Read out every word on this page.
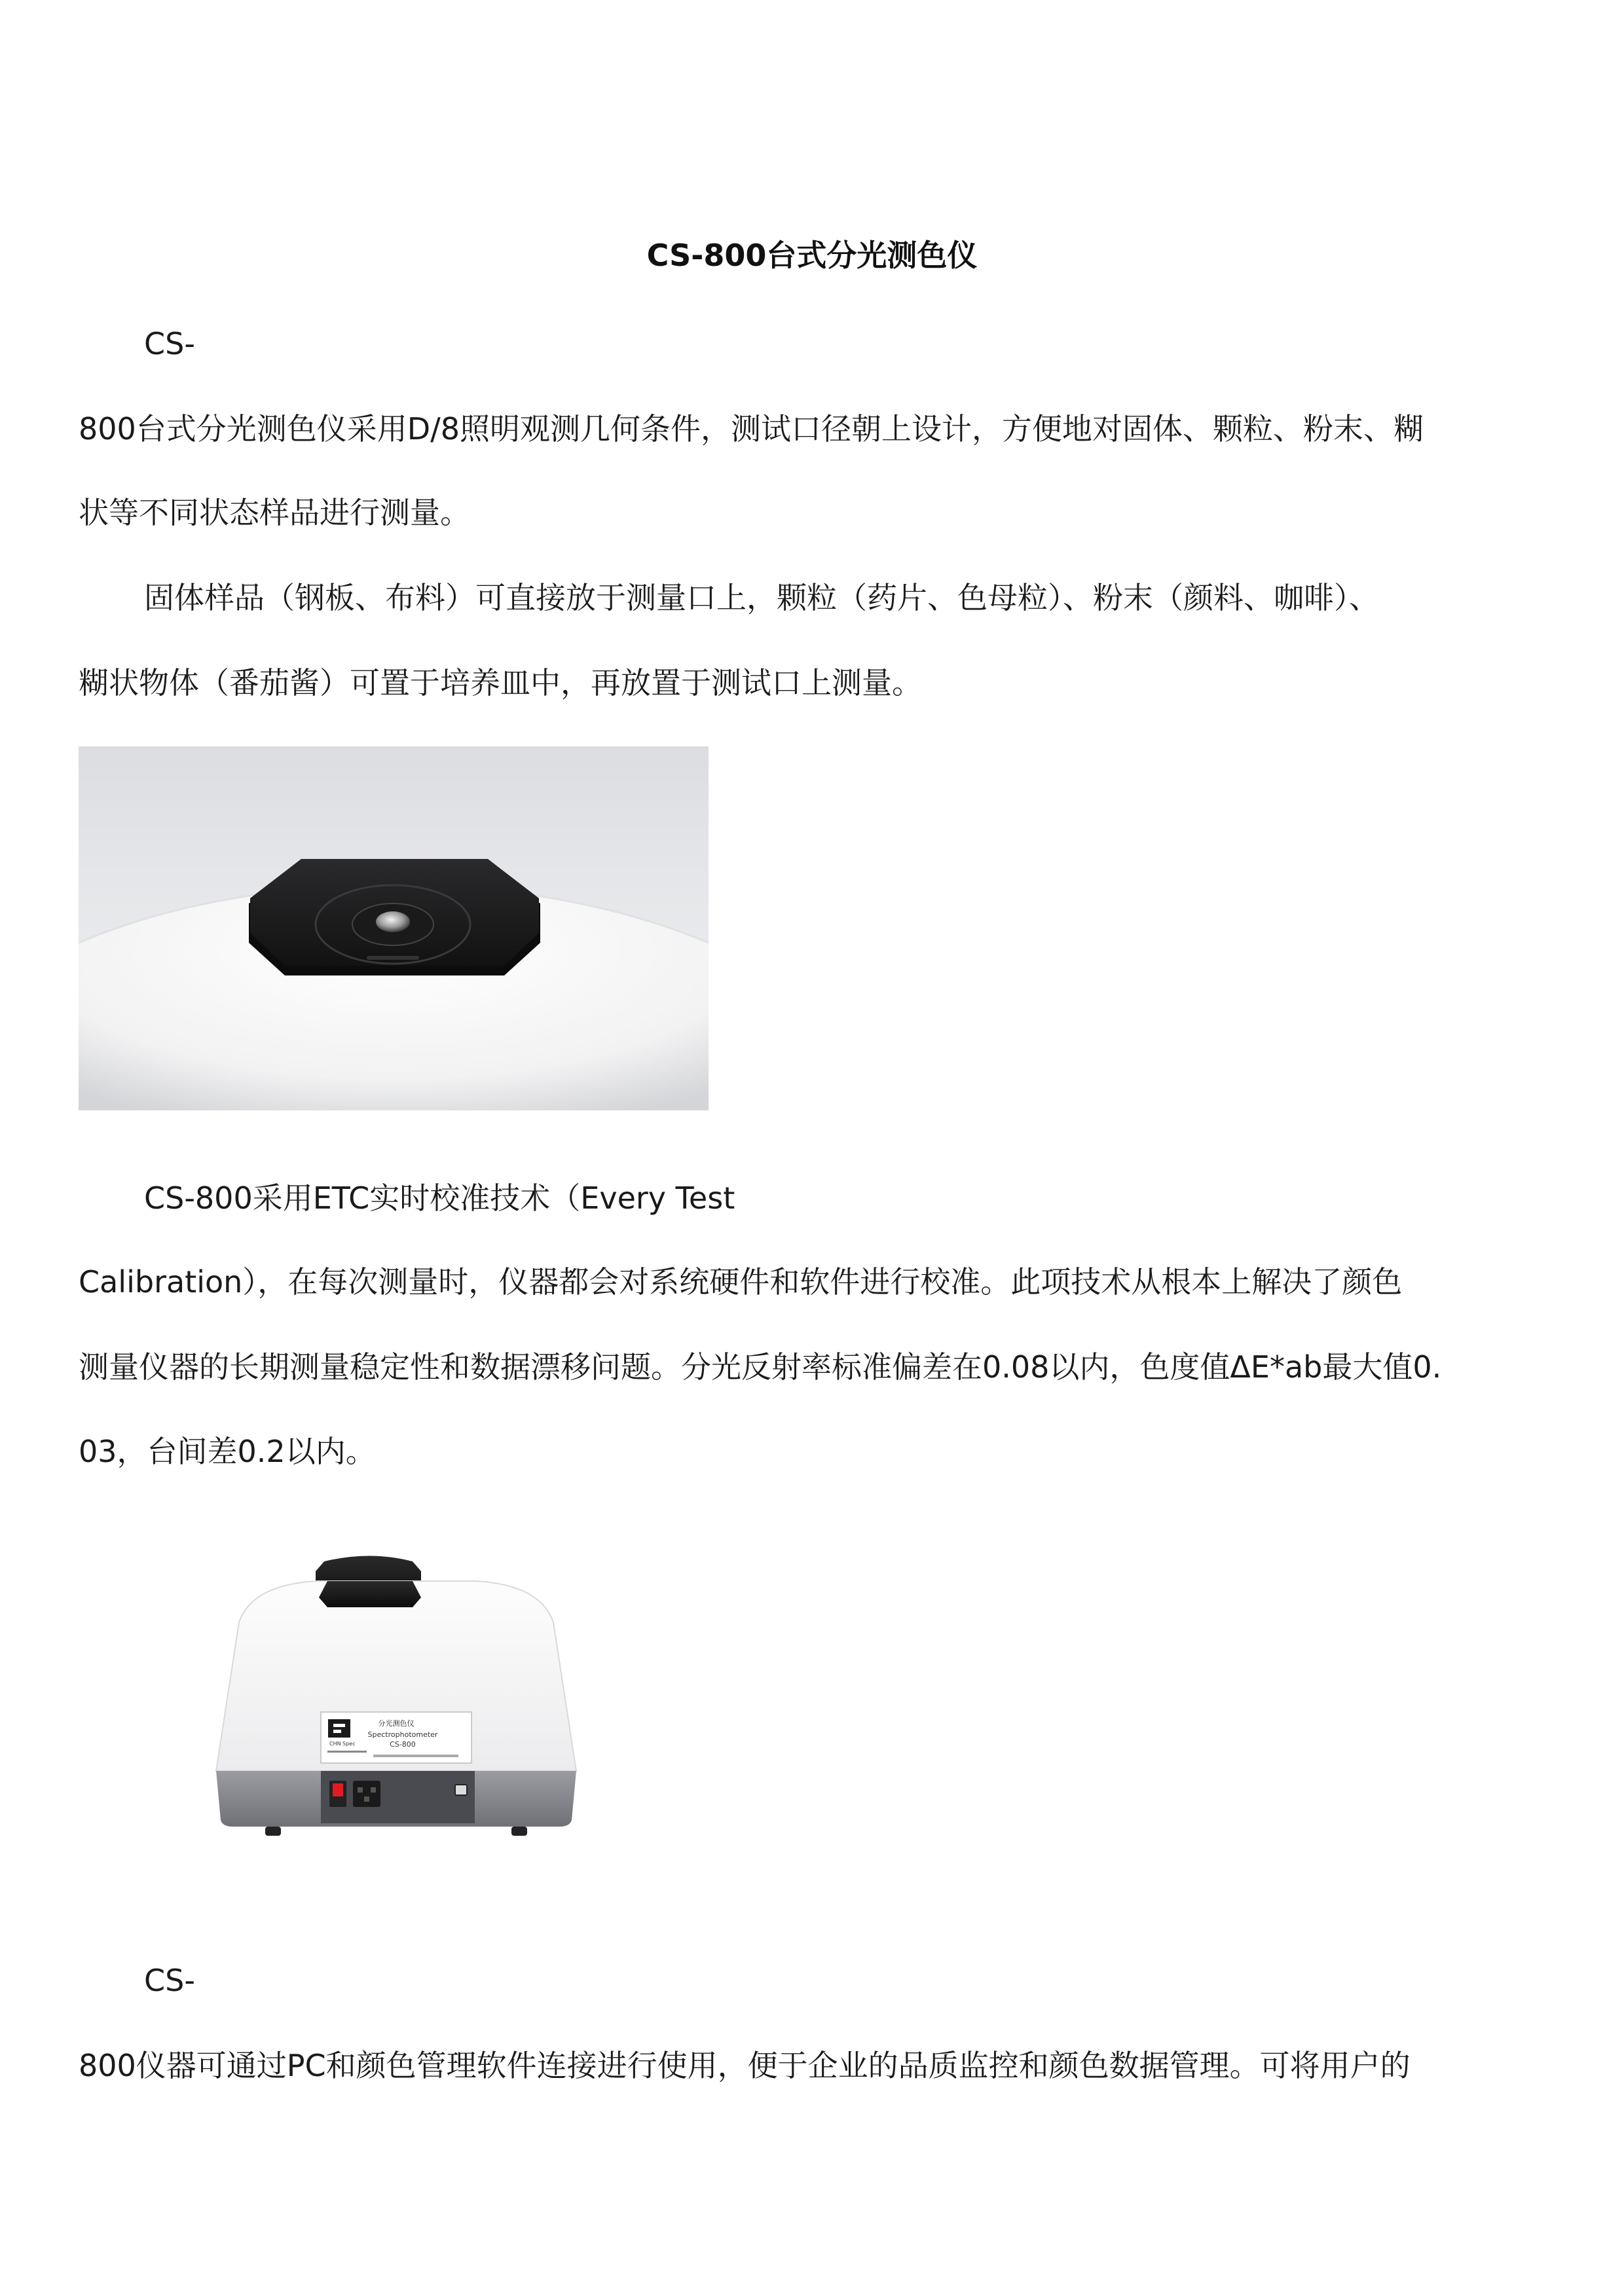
CS-800台式分光测色仪
CS-
800台式分光测色仪采用D/8照明观测几何条件，测试口径朝上设计，方便地对固体、颗粒、粉末、糊
状等不同状态样品进行测量。
固体样品（钢板、布料）可直接放于测量口上，颗粒（药片、色母粒）、粉末（颜料、咖啡）、
糊状物体（番茄酱）可置于培养皿中，再放置于测试口上测量。
CS-800采用ETC实时校准技术（Every Test
Calibration），在每次测量时，仪器都会对系统硬件和软件进行校准。此项技术从根本上解决了颜色
测量仪器的长期测量稳定性和数据漂移问题。分光反射率标准偏差在0.08以内，色度值ΔE*ab最大值0.
03，台间差0.2以内。
CHN Spec
分光测色仪
Spectrophotometer
CS-800
CS-
800仪器可通过PC和颜色管理软件连接进行使用，便于企业的品质监控和颜色数据管理。可将用户的
